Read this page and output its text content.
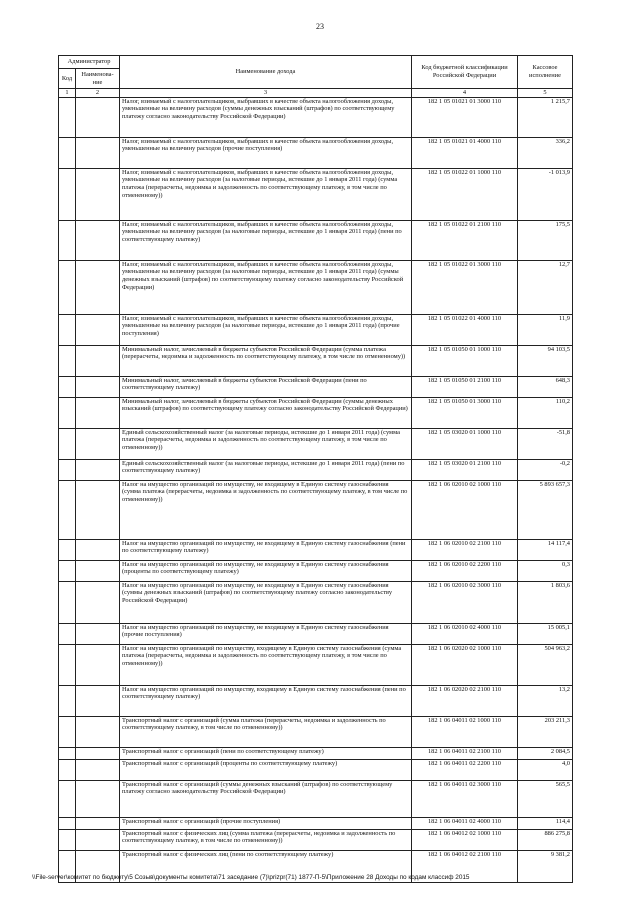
23
Администратор		Наименование дохода	Код бюджетной классификации Российской Федерации	Кассовое исполнение
Код	Наименова-ние			
1	2	3	4	5
		Налог, взимаемый с налогоплательщиков, выбравших в качестве объекта налогообложения доходы, уменьшенные на величину расходов (суммы денежных взысканий (штрафов) по соответствующему платежу согласно законодательству Российской Федерации)	182 1 05 01021 01 3000 110	1 215,7
		Налог, взимаемый с налогоплательщиков, выбравших в качестве объекта налогообложения доходы, уменьшенные на величину расходов (прочие поступления)	182 1 05 01021 01 4000 110	336,2
		Налог, взимаемый с налогоплательщиков, выбравших в качестве объекта налогообложения доходы, уменьшенные на величину расходов (за налоговые периоды, истекшие до 1 января 2011 года) (сумма платежа (перерасчеты, недоимка и задолженность по соответствующему платежу, в том числе по отмененному))	182 1 05 01022 01 1000 110	-1 013,9
		Налог, взимаемый с налогоплательщиков, выбравших в качестве объекта налогообложения доходы, уменьшенные на величину расходов (за налоговые периоды, истекшие до 1 января 2011 года) (пени по соответствующему платежу)	182 1 05 01022 01 2100 110	175,5
		Налог, взимаемый с налогоплательщиков, выбравших в качестве объекта налогообложения доходы, уменьшенные на величину расходов (за налоговые периоды, истекшие до 1 января 2011 года) (суммы денежных взысканий (штрафов) по соответствующему платежу согласно законодательству Российской Федерации)	182 1 05 01022 01 3000 110	12,7
		Налог, взимаемый с налогоплательщиков, выбравших в качестве объекта налогообложения доходы, уменьшенные на величину расходов (за налоговые периоды, истекшие до 1 января 2011 года) (прочие поступления)	182 1 05 01022 01 4000 110	11,9
		Минимальный налог, зачисляемый в бюджеты субъектов Российской Федерации (сумма платежа (перерасчеты, недоимка и задолженность по соответствующему платежу, в том числе по отмененному))	182 1 05 01050 01 1000 110	94 103,5
		Минимальный налог, зачисляемый в бюджеты субъектов Российской Федерации (пени по соответствующему платежу)	182 1 05 01050 01 2100 110	648,3
		Минимальный налог, зачисляемый в бюджеты субъектов Российской Федерации (суммы денежных взысканий (штрафов) по соответствующему платежу согласно законодательству Российской Федерации)	182 1 05 01050 01 3000 110	110,2
		Единый сельскохозяйственный налог (за налоговые периоды, истекшие до 1 января 2011 года) (сумма платежа (перерасчеты, недоимка и задолженность по соответствующему платежу, в том числе по отмененному))	182 1 05 03020 01 1000 110	-51,8
		Единый сельскохозяйственный налог (за налоговые периоды, истекшие до 1 января 2011 года) (пени по соответствующему платежу)	182 1 05 03020 01 2100 110	-0,2
		Налог на имущество организаций по имуществу, не входящему в Единую систему газоснабжения (сумма платежа (перерасчеты, недоимка и задолженность по соответствующему платежу, в том числе по отмененному))	182 1 06 02010 02 1000 110	5 893 657,3
		Налог на имущество организаций по имуществу, не входящему в Единую систему газоснабжения (пени по соответствующему платежу)	182 1 06 02010 02 2100 110	14 117,4
		Налог на имущество организаций по имуществу, не входящему в Единую систему газоснабжения (проценты по соответствующему платежу)	182 1 06 02010 02 2200 110	0,3
		Налог на имущество организаций по имуществу, не входящему в Единую систему газоснабжения (суммы денежных взысканий (штрафов) по соответствующему платежу согласно законодательству Российской Федерации)	182 1 06 02010 02 3000 110	1 803,6
		Налог на имущество организаций по имуществу, не входящему в Единую систему газоснабжения (прочие поступления)	182 1 06 02010 02 4000 110	15 005,1
		Налог на имущество организаций по имуществу, входящему в Единую систему газоснабжения (сумма платежа (перерасчеты, недоимка и задолженность по соответствующему платежу, в том числе по отмененному))	182 1 06 02020 02 1000 110	504 963,2
		Налог на имущество организаций по имуществу, входящему в Единую систему газоснабжения (пени по соответствующему платежу)	182 1 06 02020 02 2100 110	13,2
		Транспортный налог с организаций (сумма платежа (перерасчеты, недоимка и задолженность по соответствующему платежу, в том числе по отмененному))	182 1 06 04011 02 1000 110	203 211,3
		Транспортный налог с организаций (пени по соответствующему платежу)	182 1 06 04011 02 2100 110	2 084,5
		Транспортный налог с организаций (проценты по соответствующему платежу)	182 1 06 04011 02 2200 110	4,0
		Транспортный налог с организаций (суммы денежных взысканий (штрафов) по соответствующему платежу согласно законодательству Российской Федерации)	182 1 06 04011 02 3000 110	565,5
		Транспортный налог с организаций (прочие поступления)	182 1 06 04011 02 4000 110	114,4
		Транспортный налог с физических лиц (сумма платежа (перерасчеты, недоимка и задолженность по соответствующему платежу, в том числе по отмененному))	182 1 06 04012 02 1000 110	886 275,8
		Транспортный налог с физических лиц (пени по соответствующему платежу)	182 1 06 04012 02 2100 110	9 381,2
\\File-server\комитет по бюджету\5 Созыв\документы комитета\71 заседание (7)\prizpr(71) 1877-П-5\Приложение 28 Доходы по кодам классиф 2015
